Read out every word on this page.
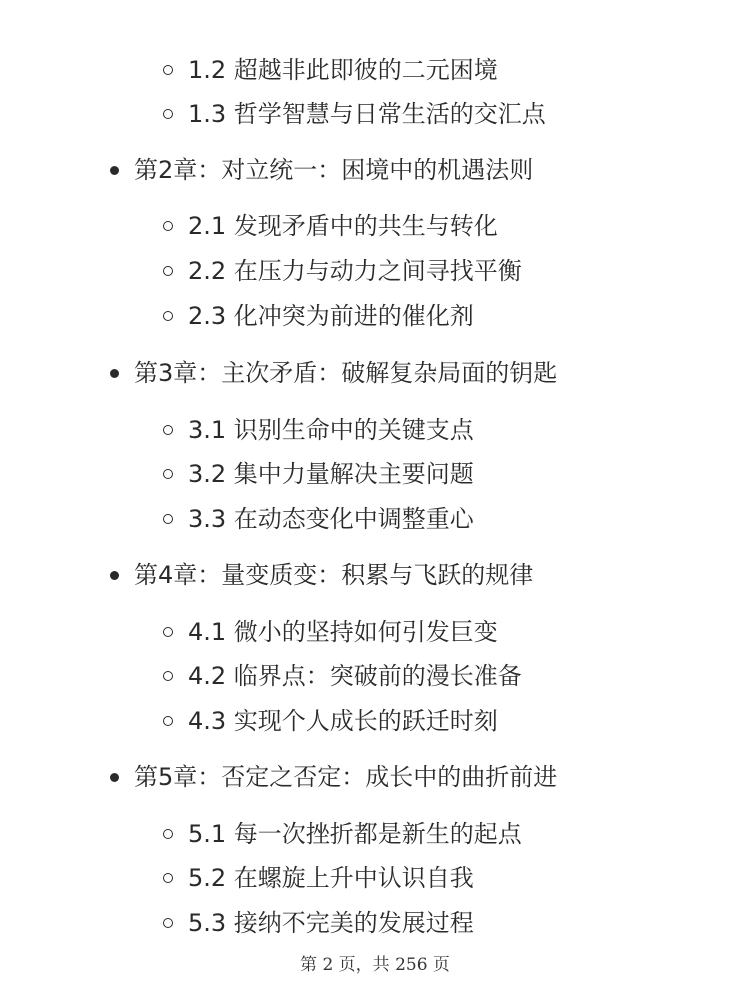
1.2 超越非此即彼的二元困境
1.3 哲学智慧与日常生活的交汇点
第2章：对立统一：困境中的机遇法则
2.1 发现矛盾中的共生与转化
2.2 在压力与动力之间寻找平衡
2.3 化冲突为前进的催化剂
第3章：主次矛盾：破解复杂局面的钥匙
3.1 识别生命中的关键支点
3.2 集中力量解决主要问题
3.3 在动态变化中调整重心
第4章：量变质变：积累与飞跃的规律
4.1 微小的坚持如何引发巨变
4.2 临界点：突破前的漫长准备
4.3 实现个人成长的跃迁时刻
第5章：否定之否定：成长中的曲折前进
5.1 每一次挫折都是新生的起点
5.2 在螺旋上升中认识自我
5.3 接纳不完美的发展过程
第 2 页，共 256 页
